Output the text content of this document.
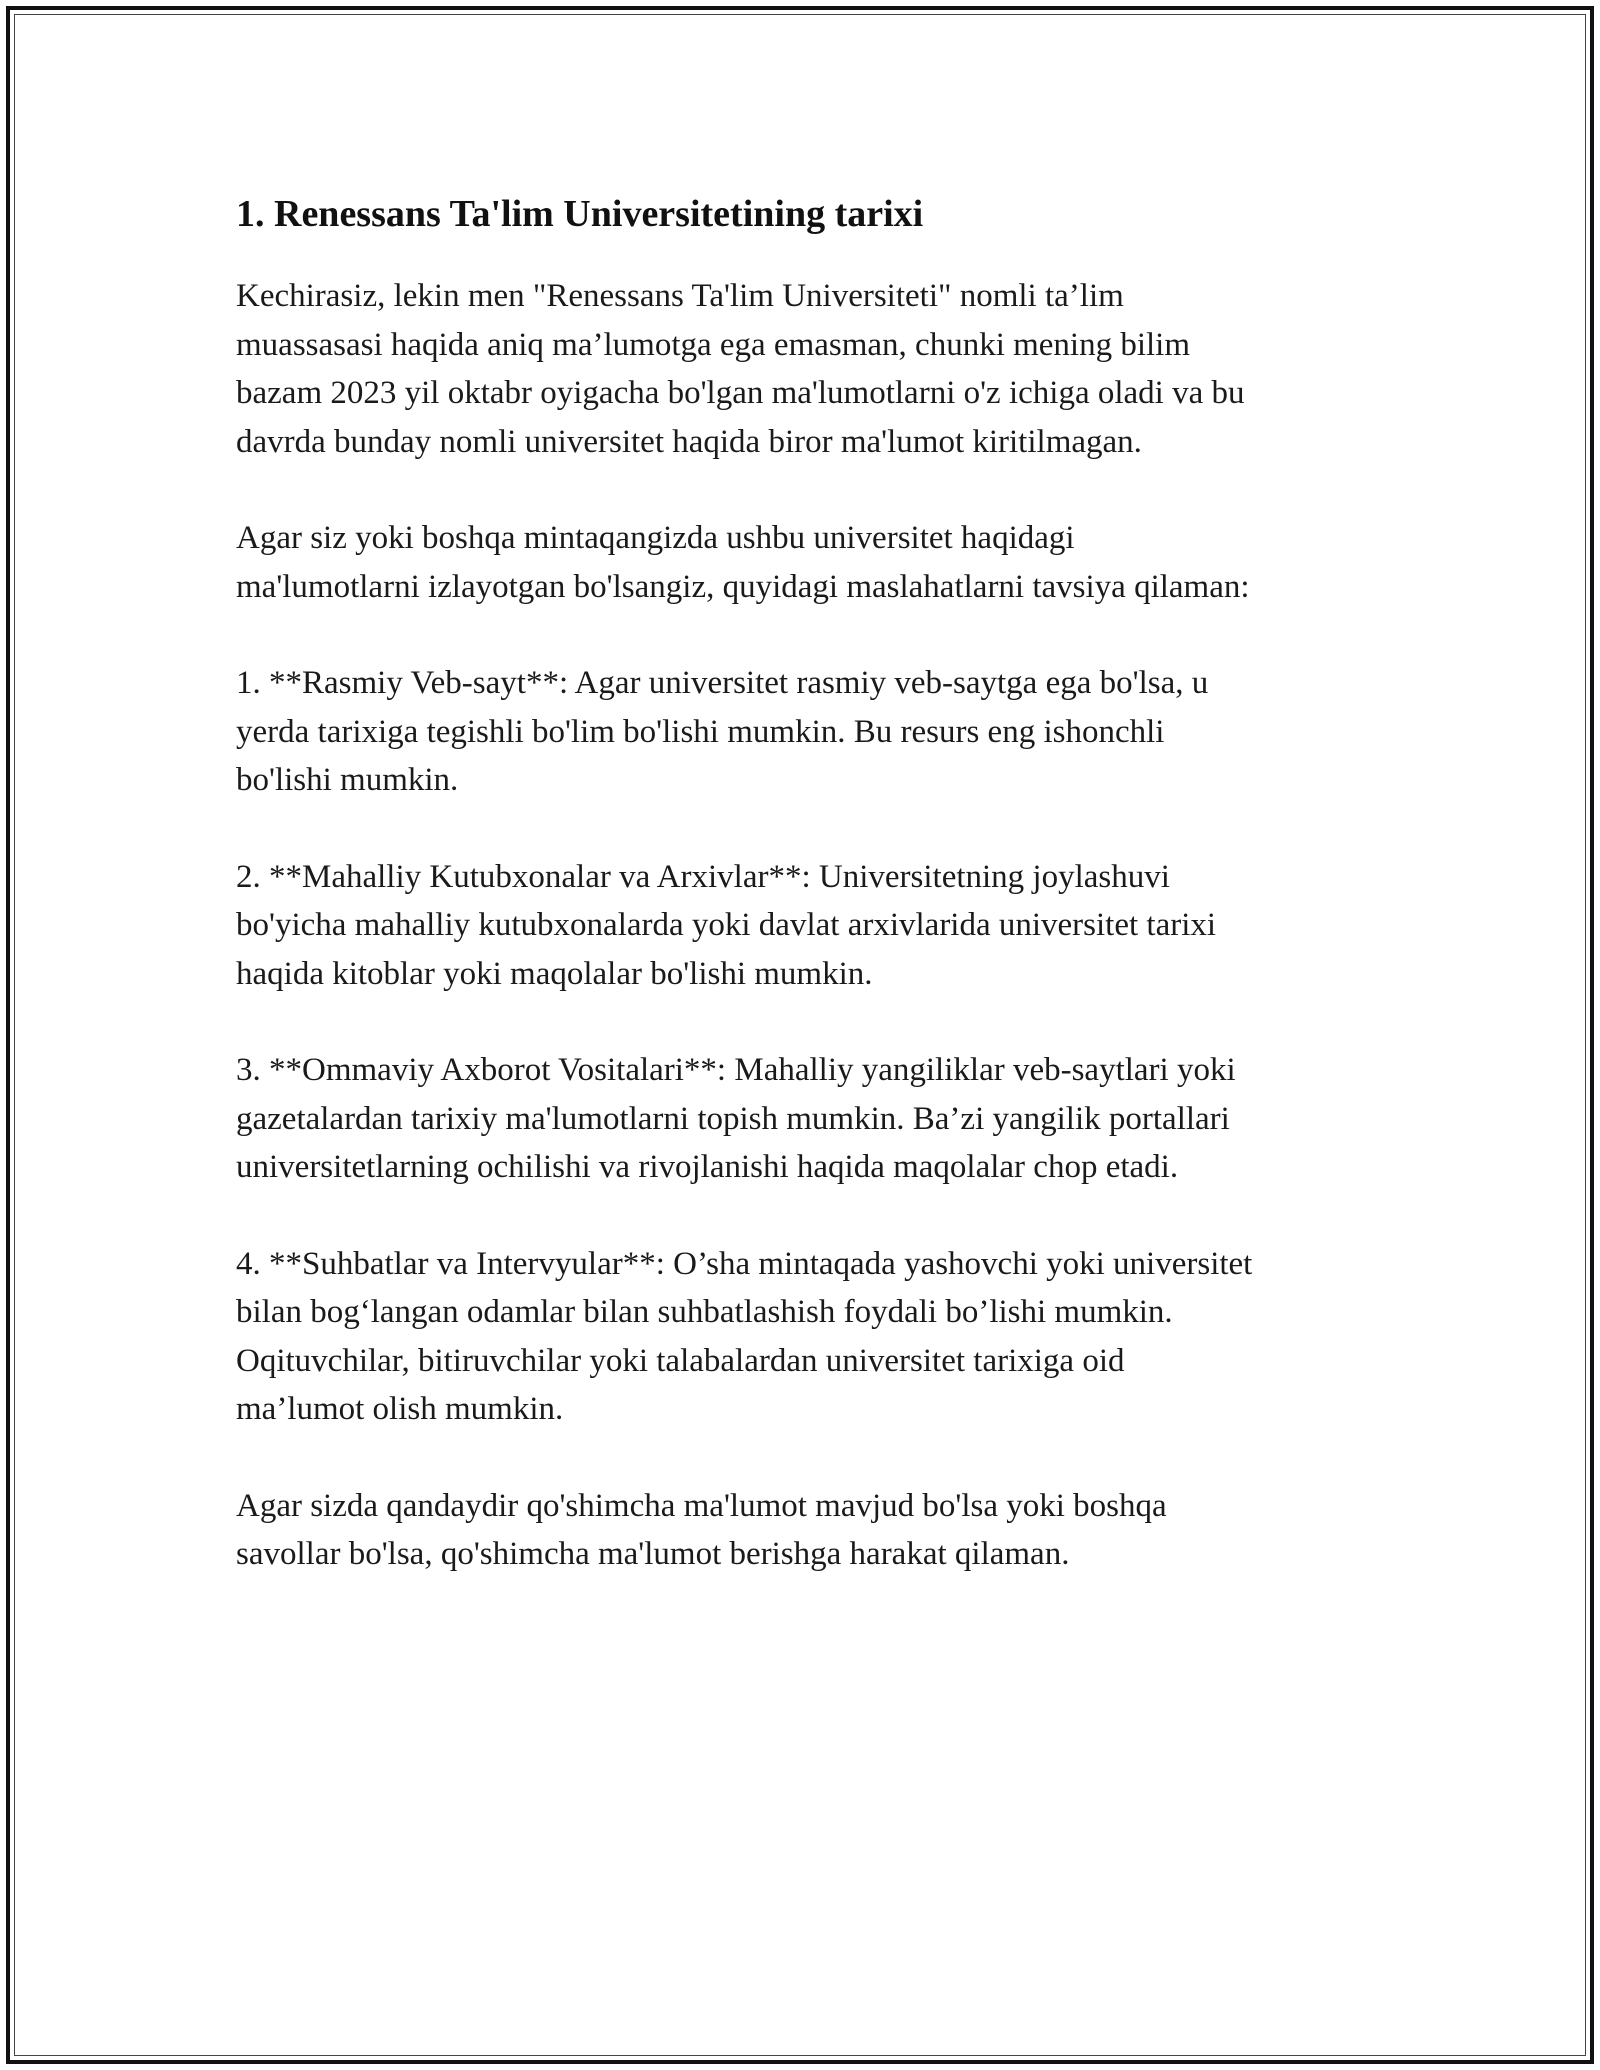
1. Renessans Ta'lim Universitetining tarixi

Kechirasiz, lekin men "Renessans Ta'lim Universiteti" nomli ta’lim
muassasasi haqida aniq ma’lumotga ega emasman, chunki mening bilim
bazam 2023 yil oktabr oyigacha bo'lgan ma'lumotlarni o'z ichiga oladi va bu
davrda bunday nomli universitet haqida biror ma'lumot kiritilmagan.

Agar siz yoki boshqa mintaqangizda ushbu universitet haqidagi
ma'lumotlarni izlayotgan bo'lsangiz, quyidagi maslahatlarni tavsiya qilaman:

1. **Rasmiy Veb-sayt**: Agar universitet rasmiy veb-saytga ega bo'lsa, u
yerda tarixiga tegishli bo'lim bo'lishi mumkin. Bu resurs eng ishonchli
bo'lishi mumkin.

2. **Mahalliy Kutubxonalar va Arxivlar**: Universitetning joylashuvi
bo'yicha mahalliy kutubxonalarda yoki davlat arxivlarida universitet tarixi
haqida kitoblar yoki maqolalar bo'lishi mumkin.

3. **Ommaviy Axborot Vositalari**: Mahalliy yangiliklar veb-saytlari yoki
gazetalardan tarixiy ma'lumotlarni topish mumkin. Ba’zi yangilik portallari
universitetlarning ochilishi va rivojlanishi haqida maqolalar chop etadi.

4. **Suhbatlar va Intervyular**: O’sha mintaqada yashovchi yoki universitet
bilan bog‘langan odamlar bilan suhbatlashish foydali bo’lishi mumkin.
Oqituvchilar, bitiruvchilar yoki talabalardan universitet tarixiga oid
ma’lumot olish mumkin.

Agar sizda qandaydir qo'shimcha ma'lumot mavjud bo'lsa yoki boshqa
savollar bo'lsa, qo'shimcha ma'lumot berishga harakat qilaman.
